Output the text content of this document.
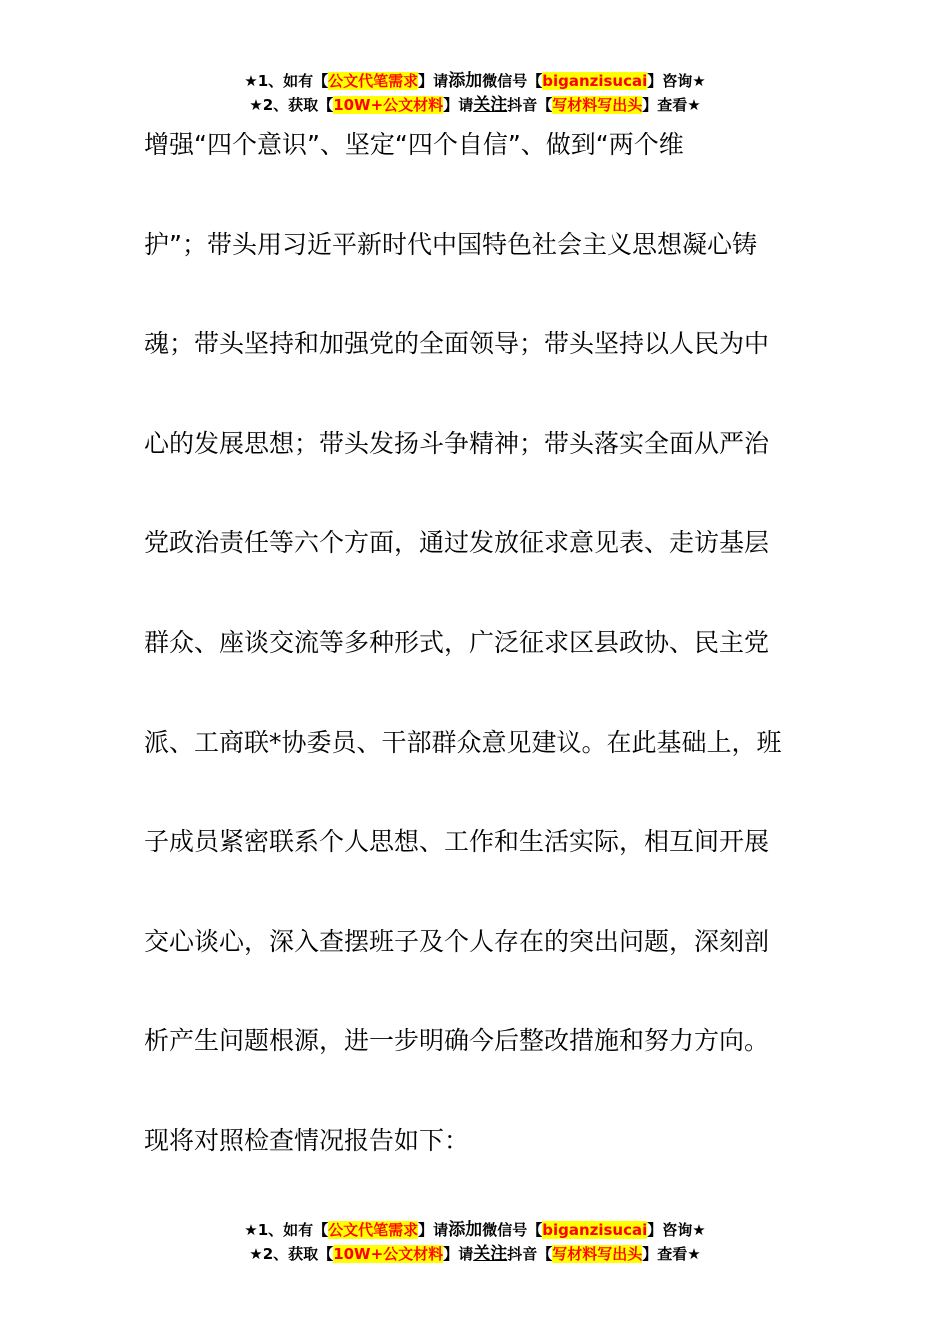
★1、如有【公文代笔需求】请添加微信号【biganzisucai】咨询★
★2、获取【10W+公文材料】请关注抖音【写材料写出头】查看★
增强“四个意识”、坚定“四个自信”、做到“两个维
护”；带头用习近平新时代中国特色社会主义思想凝心铸
魂；带头坚持和加强党的全面领导；带头坚持以人民为中
心的发展思想；带头发扬斗争精神；带头落实全面从严治
党政治责任等六个方面，通过发放征求意见表、走访基层
群众、座谈交流等多种形式，广泛征求区县政协、民主党
派、工商联*协委员、干部群众意见建议。在此基础上，班
子成员紧密联系个人思想、工作和生活实际，相互间开展
交心谈心，深入查摆班子及个人存在的突出问题，深刻剖
析产生问题根源，进一步明确今后整改措施和努力方向。
现将对照检查情况报告如下：
★1、如有【公文代笔需求】请添加微信号【biganzisucai】咨询★
★2、获取【10W+公文材料】请关注抖音【写材料写出头】查看★
